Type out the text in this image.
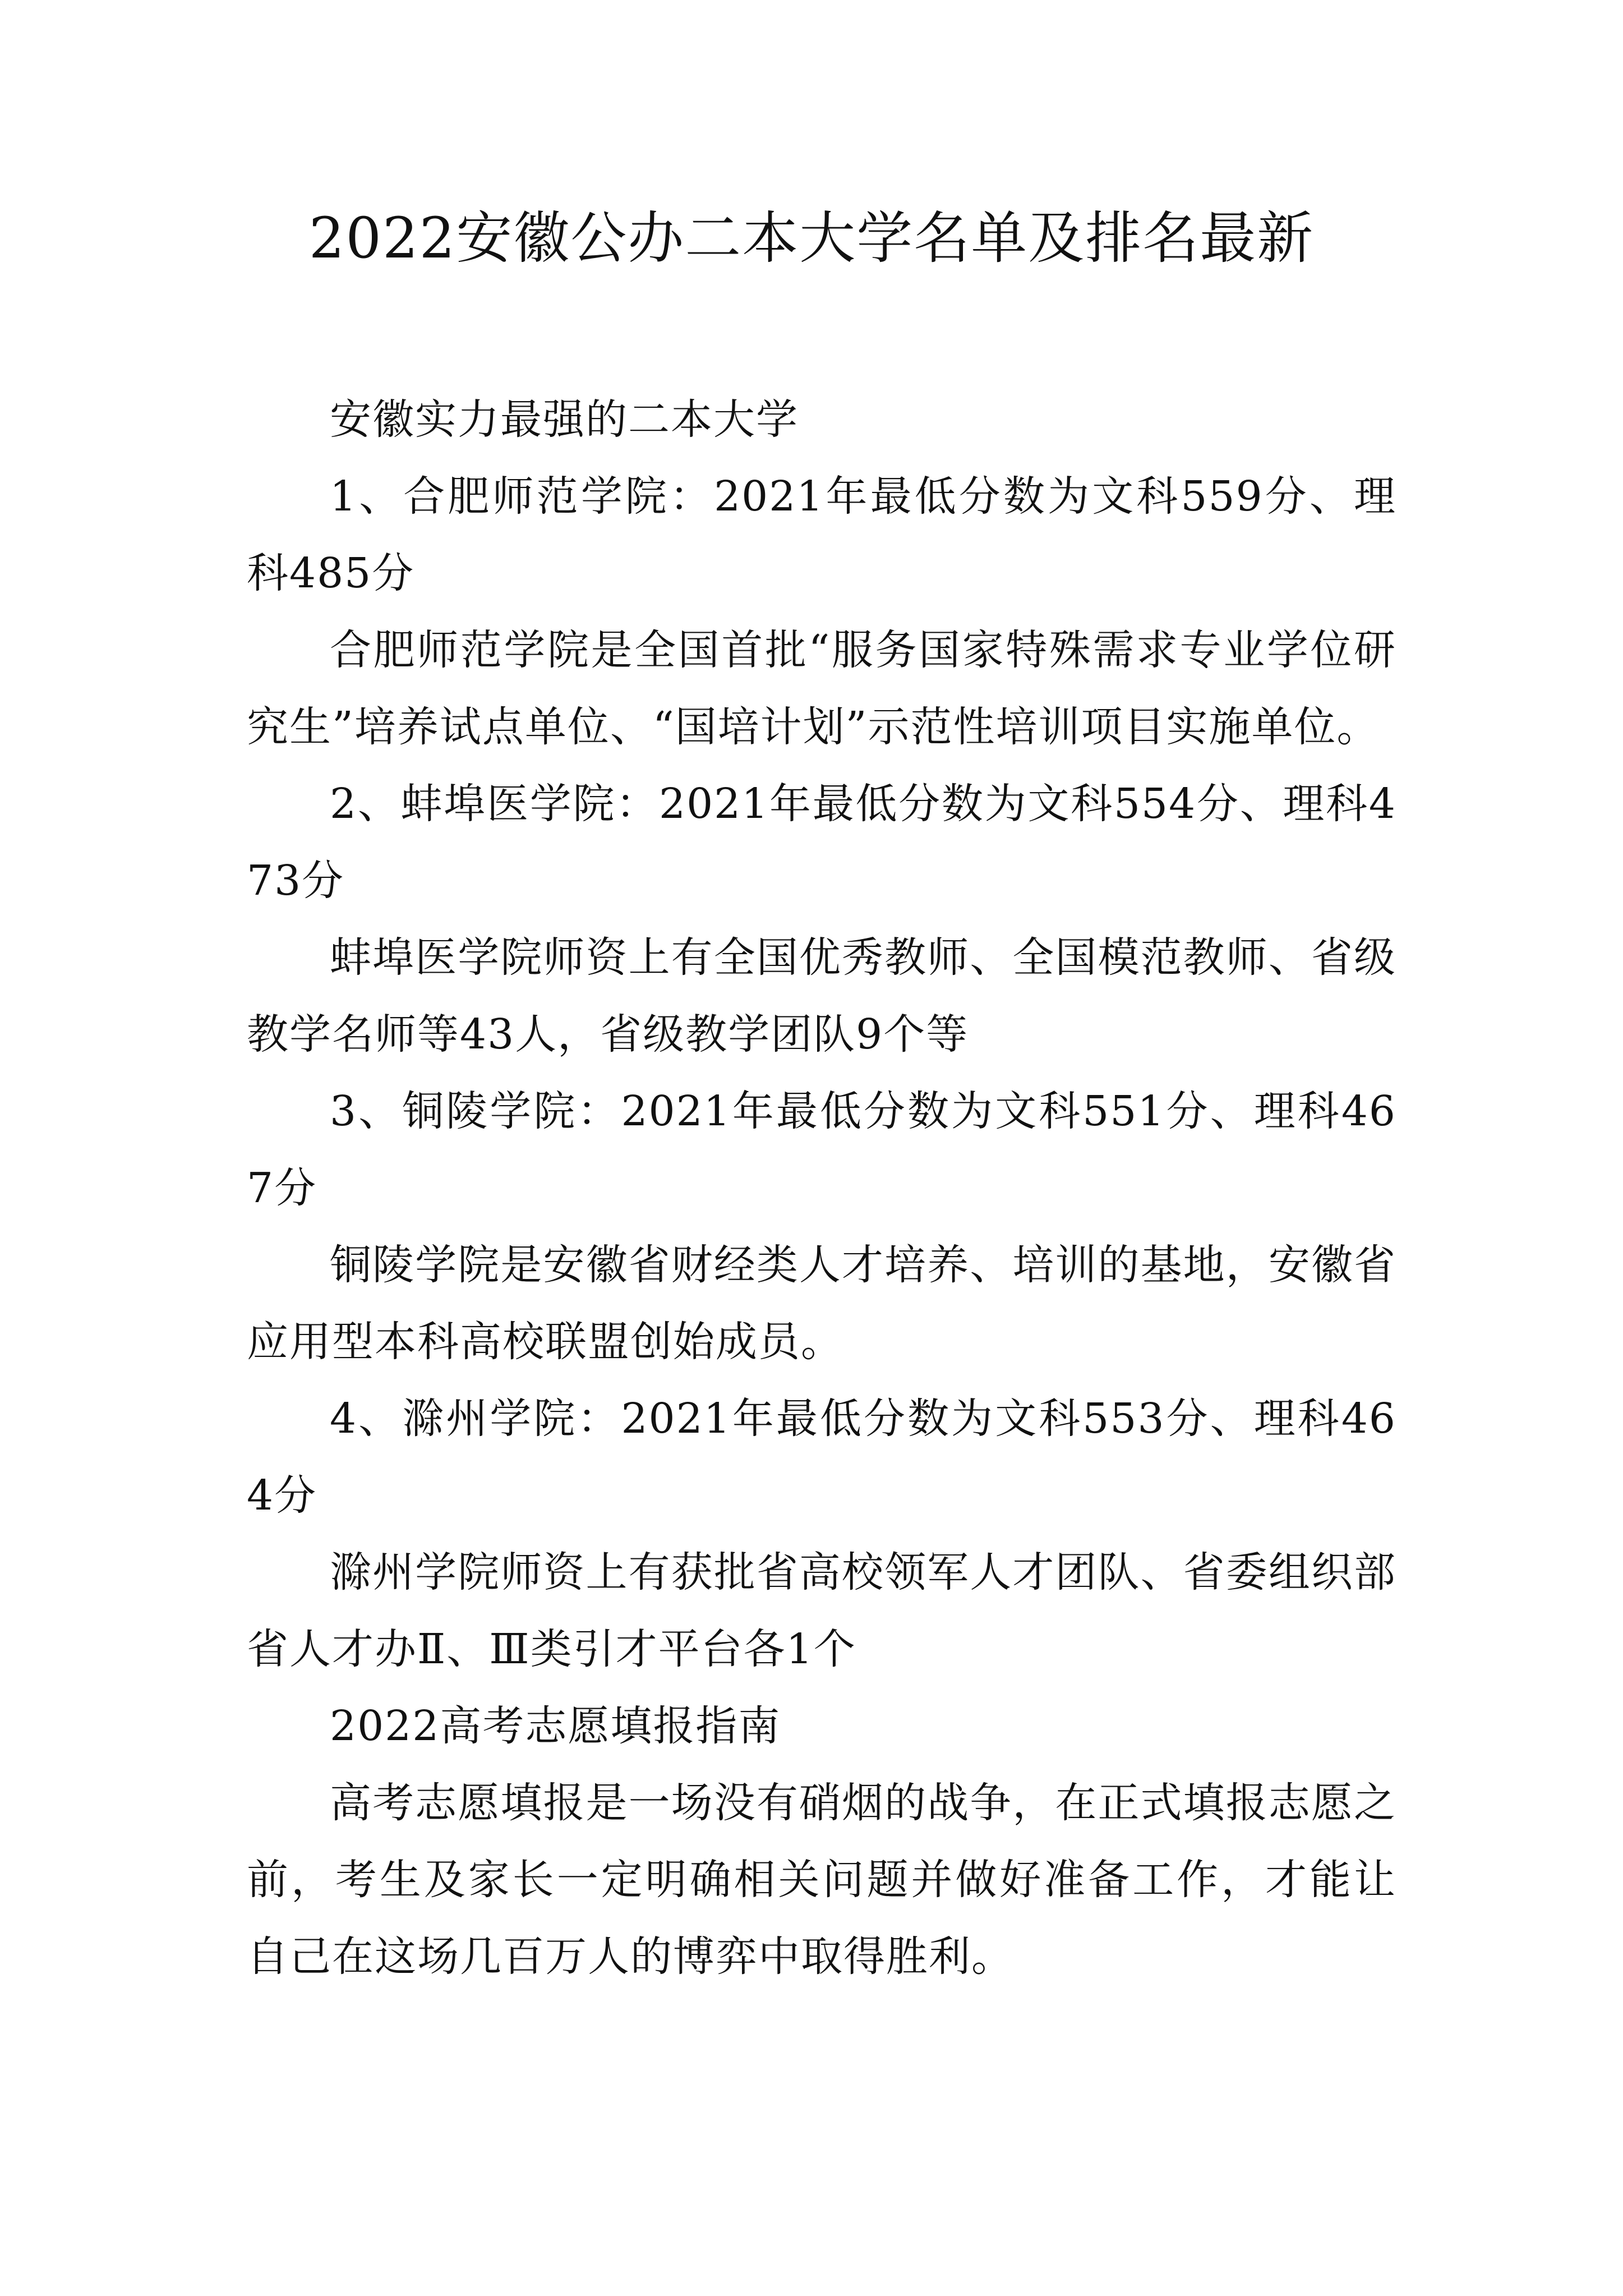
2022安徽公办二本大学名单及排名最新

安徽实力最强的二本大学

1、合肥师范学院：2021年最低分数为文科559分、理科485分

合肥师范学院是全国首批“服务国家特殊需求专业学位研究生”培养试点单位、“国培计划”示范性培训项目实施单位。

2、蚌埠医学院：2021年最低分数为文科554分、理科473分

蚌埠医学院师资上有全国优秀教师、全国模范教师、省级教学名师等43人，省级教学团队9个等

3、铜陵学院：2021年最低分数为文科551分、理科467分

铜陵学院是安徽省财经类人才培养、培训的基地，安徽省应用型本科高校联盟创始成员。

4、滁州学院：2021年最低分数为文科553分、理科464分

滁州学院师资上有获批省高校领军人才团队、省委组织部省人才办Ⅱ、Ⅲ类引才平台各1个

2022高考志愿填报指南

高考志愿填报是一场没有硝烟的战争，在正式填报志愿之前，考生及家长一定明确相关问题并做好准备工作，才能让自己在这场几百万人的博弈中取得胜利。
